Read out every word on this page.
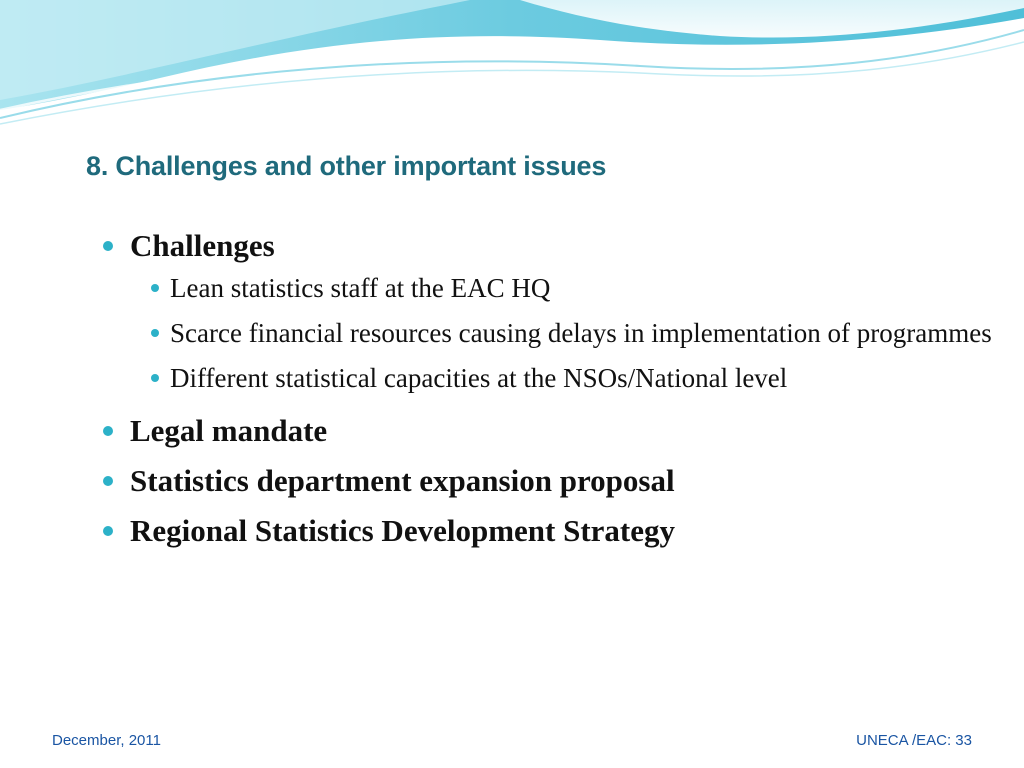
8. Challenges and other important issues
Challenges
Lean statistics staff at the EAC HQ
Scarce financial resources causing delays in implementation of programmes
Different statistical capacities at the NSOs/National level
Legal mandate
Statistics department expansion proposal
Regional Statistics Development Strategy
December, 2011	UNECA /EAC: 33
